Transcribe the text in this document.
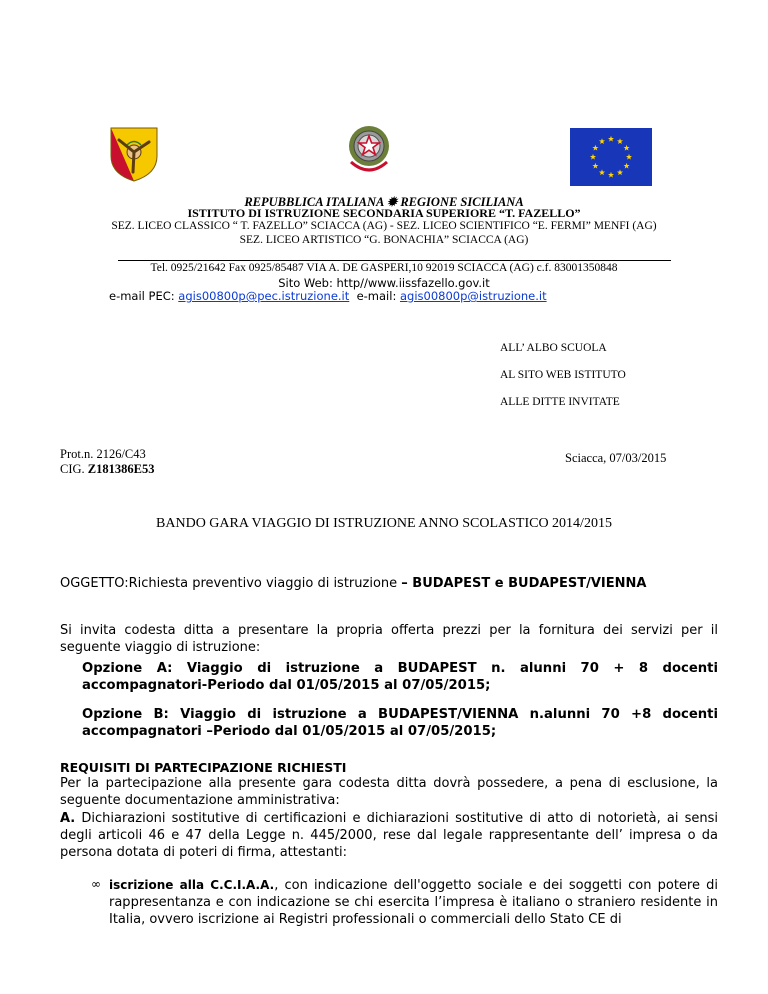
REPUBBLICA ITALIANA ✹ REGIONE SICILIANA
ISTITUTO DI ISTRUZIONE SECONDARIA SUPERIORE “T. FAZELLO”
SEZ. LICEO CLASSICO “ T. FAZELLO” SCIACCA (AG) - SEZ. LICEO SCIENTIFICO “E. FERMI” MENFI (AG)
SEZ. LICEO ARTISTICO “G. BONACHIA” SCIACCA (AG)
Tel. 0925/21642 Fax 0925/85487 VIA A. DE GASPERI,10 92019 SCIACCA (AG) c.f. 83001350848
Sito Web: http//www.iissfazello.gov.it
e-mail PEC: agis00800p@pec.istruzione.it  e-mail: agis00800p@istruzione.it
ALL’ ALBO SCUOLA
AL SITO WEB ISTITUTO
ALLE DITTE INVITATE
Prot.n. 2126/C43
CIG. Z181386E53
Sciacca, 07/03/2015
BANDO GARA VIAGGIO DI ISTRUZIONE ANNO SCOLASTICO 2014/2015
OGGETTO:Richiesta preventivo viaggio di istruzione – BUDAPEST e BUDAPEST/VIENNA
Si invita codesta ditta a presentare la propria offerta prezzi per la fornitura dei servizi per il seguente viaggio di istruzione:
Opzione A: Viaggio di istruzione a BUDAPEST n. alunni 70 + 8 docenti accompagnatori-Periodo dal 01/05/2015 al 07/05/2015;
Opzione B: Viaggio di istruzione a BUDAPEST/VIENNA n.alunni 70 +8 docenti accompagnatori –Periodo dal 01/05/2015 al 07/05/2015;
REQUISITI DI PARTECIPAZIONE RICHIESTI
Per la partecipazione alla presente gara codesta ditta dovrà possedere, a pena di esclusione, la seguente documentazione amministrativa:
A. Dichiarazioni sostitutive di certificazioni e dichiarazioni sostitutive di atto di notorietà, ai sensi degli articoli 46 e 47 della Legge n. 445/2000, rese dal legale rappresentante dell’ impresa o da persona dotata di poteri di firma, attestanti:
∞ iscrizione alla C.C.I.A.A., con indicazione dell'oggetto sociale e dei soggetti con potere di rappresentanza e con indicazione se chi esercita l’impresa è italiano o straniero residente in Italia, ovvero iscrizione ai Registri professionali o commerciali dello Stato CE di
